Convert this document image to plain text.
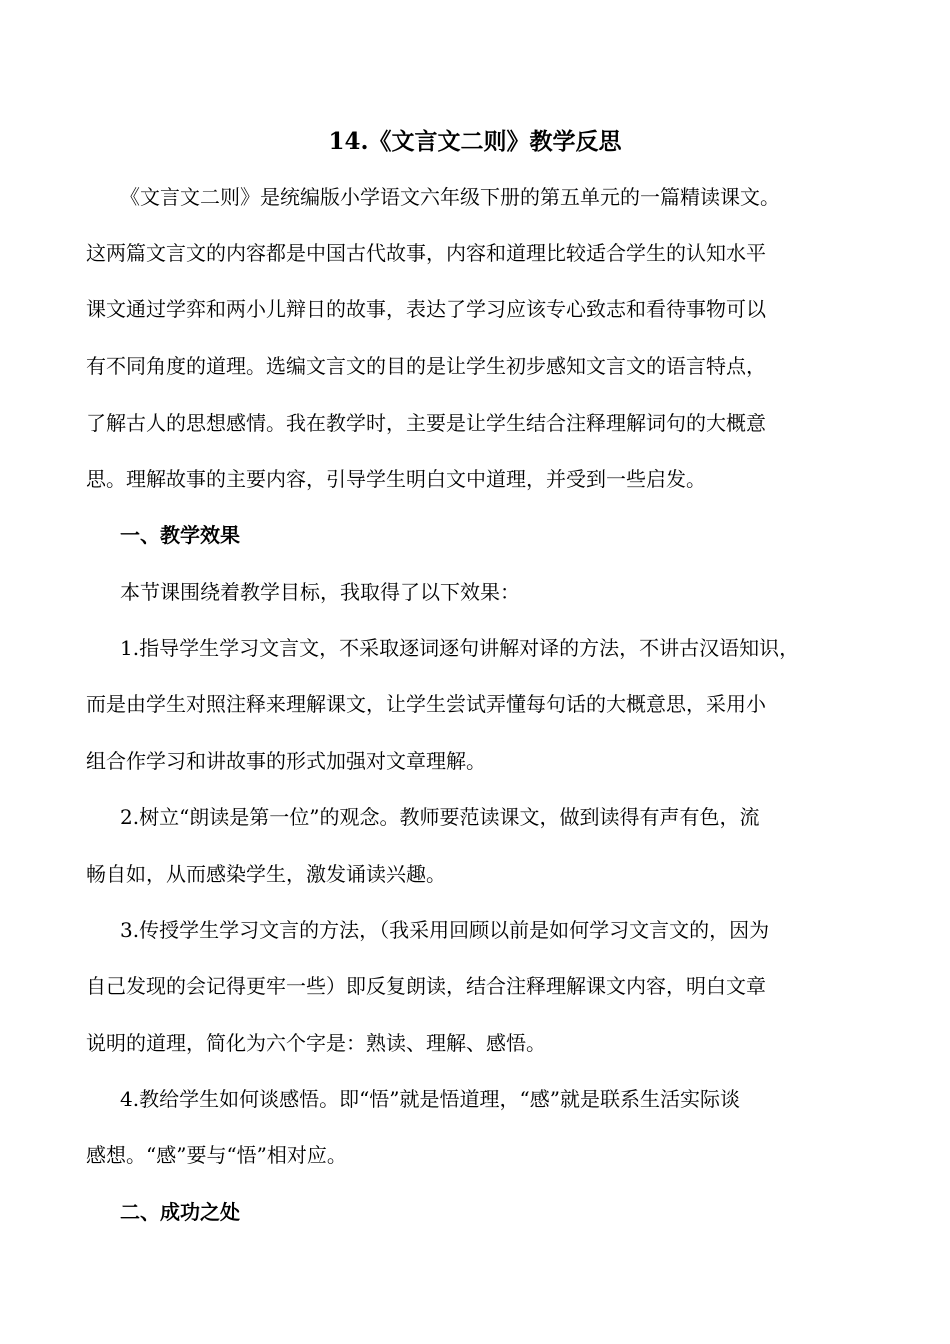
14.《文言文二则》教学反思

《文言文二则》是统编版小学语文六年级下册的第五单元的一篇精读课文。

这两篇文言文的内容都是中国古代故事，内容和道理比较适合学生的认知水平

课文通过学弈和两小儿辩日的故事，表达了学习应该专心致志和看待事物可以

有不同角度的道理。选编文言文的目的是让学生初步感知文言文的语言特点，

了解古人的思想感情。我在教学时，主要是让学生结合注释理解词句的大概意

思。理解故事的主要内容，引导学生明白文中道理，并受到一些启发。

一、教学效果

本节课围绕着教学目标，我取得了以下效果：

1.指导学生学习文言文，不采取逐词逐句讲解对译的方法，不讲古汉语知识，

而是由学生对照注释来理解课文，让学生尝试弄懂每句话的大概意思，采用小

组合作学习和讲故事的形式加强对文章理解。

2.树立“朗读是第一位”的观念。教师要范读课文，做到读得有声有色，流

畅自如，从而感染学生，激发诵读兴趣。

3.传授学生学习文言的方法，（我采用回顾以前是如何学习文言文的，因为

自己发现的会记得更牢一些）即反复朗读，结合注释理解课文内容，明白文章

说明的道理，简化为六个字是：熟读、理解、感悟。

4.教给学生如何谈感悟。即“悟”就是悟道理，“感”就是联系生活实际谈

感想。“感”要与“悟”相对应。

二、成功之处
